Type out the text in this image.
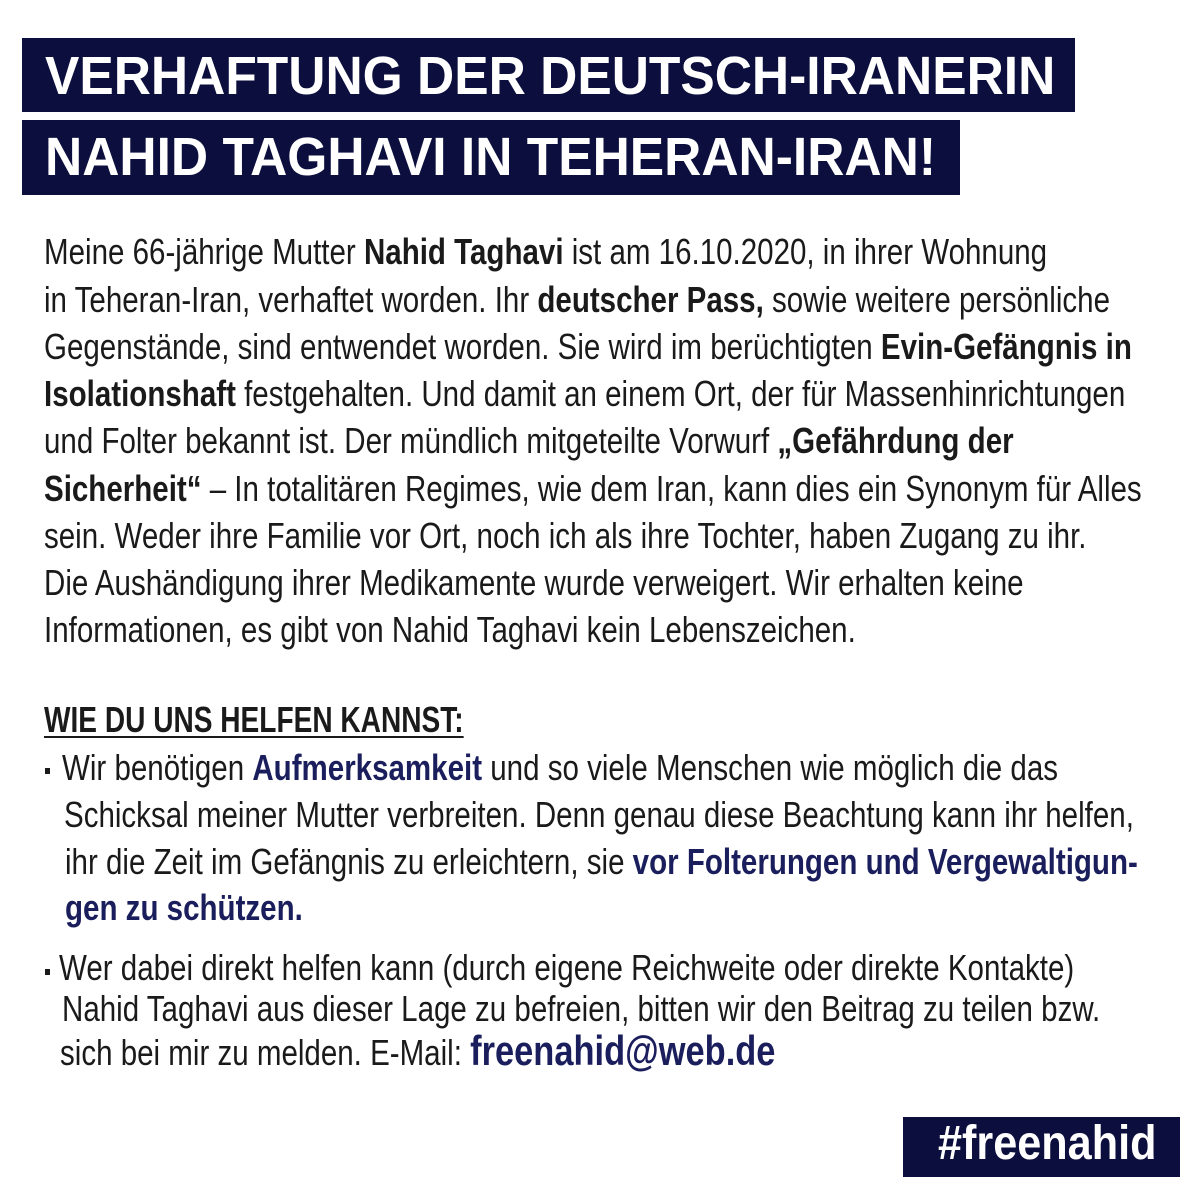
VERHAFTUNG DER DEUTSCH-IRANERIN
NAHID TAGHAVI IN TEHERAN-IRAN!
Meine 66-jährige Mutter Nahid Taghavi ist am 16.10.2020, in ihrer Wohnung
in Teheran-Iran, verhaftet worden. Ihr deutscher Pass, sowie weitere persönliche
Gegenstände, sind entwendet worden. Sie wird im berüchtigten Evin-Gefängnis in
Isolationshaft festgehalten. Und damit an einem Ort, der für Massenhinrichtungen
und Folter bekannt ist. Der mündlich mitgeteilte Vorwurf „Gefährdung der
Sicherheit“ – In totalitären Regimes, wie dem Iran, kann dies ein Synonym für Alles
sein. Weder ihre Familie vor Ort, noch ich als ihre Tochter, haben Zugang zu ihr.
Die Aushändigung ihrer Medikamente wurde verweigert. Wir erhalten keine
Informationen, es gibt von Nahid Taghavi kein Lebenszeichen.
WIE DU UNS HELFEN KANNST:
Wir benötigen Aufmerksamkeit und so viele Menschen wie möglich die das
Schicksal meiner Mutter verbreiten. Denn genau diese Beachtung kann ihr helfen,
ihr die Zeit im Gefängnis zu erleichtern, sie vor Folterungen und Vergewaltigun-
gen zu schützen.
Wer dabei direkt helfen kann (durch eigene Reichweite oder direkte Kontakte)
Nahid Taghavi aus dieser Lage zu befreien, bitten wir den Beitrag zu teilen bzw.
sich bei mir zu melden. E-Mail: freenahid@web.de
#freenahid
